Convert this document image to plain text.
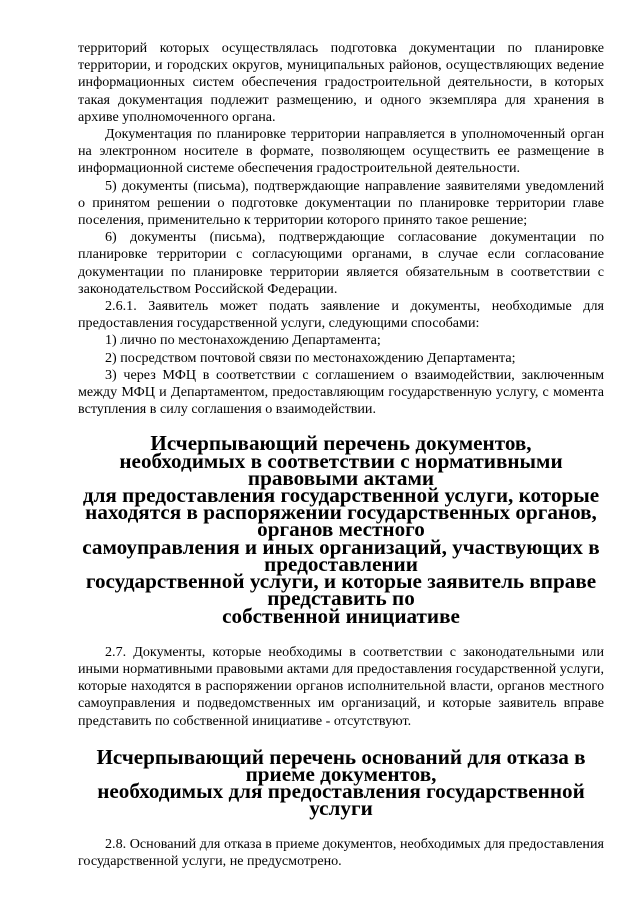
территорий которых осуществлялась подготовка документации по планировке территории, и городских округов, муниципальных районов, осуществляющих ведение информационных систем обеспечения градостроительной деятельности, в которых такая документация подлежит размещению, и одного экземпляра для хранения в архиве уполномоченного органа.

Документация по планировке территории направляется в уполномоченный орган на электронном носителе в формате, позволяющем осуществить ее размещение в информационной системе обеспечения градостроительной деятельности.

5) документы (письма), подтверждающие направление заявителями уведомлений о принятом решении о подготовке документации по планировке территории главе поселения, применительно к территории которого принято такое решение;

6) документы (письма), подтверждающие согласование документации по планировке территории с согласующими органами, в случае если согласование документации по планировке территории является обязательным в соответствии с законодательством Российской Федерации.

2.6.1. Заявитель может подать заявление и документы, необходимые для предоставления государственной услуги, следующими способами:

1) лично по местонахождению Департамента;

2) посредством почтовой связи по местонахождению Департамента;

3) через МФЦ в соответствии с соглашением о взаимодействии, заключенным между МФЦ и Департаментом, предоставляющим государственную услугу, с момента вступления в силу соглашения о взаимодействии.

Исчерпывающий перечень документов,
необходимых в соответствии с нормативными правовыми актами
для предоставления государственной услуги, которые
находятся в распоряжении государственных органов, органов местного
самоуправления и иных организаций, участвующих в предоставлении
государственной услуги, и которые заявитель вправе представить по
собственной инициативе

2.7. Документы, которые необходимы в соответствии с законодательными или иными нормативными правовыми актами для предоставления государственной услуги, которые находятся в распоряжении органов исполнительной власти, органов местного самоуправления и подведомственных им организаций, и которые заявитель вправе представить по собственной инициативе - отсутствуют.

Исчерпывающий перечень оснований для отказа в приеме документов,
необходимых для предоставления государственной услуги

2.8. Оснований для отказа в приеме документов, необходимых для предоставления государственной услуги, не предусмотрено.
